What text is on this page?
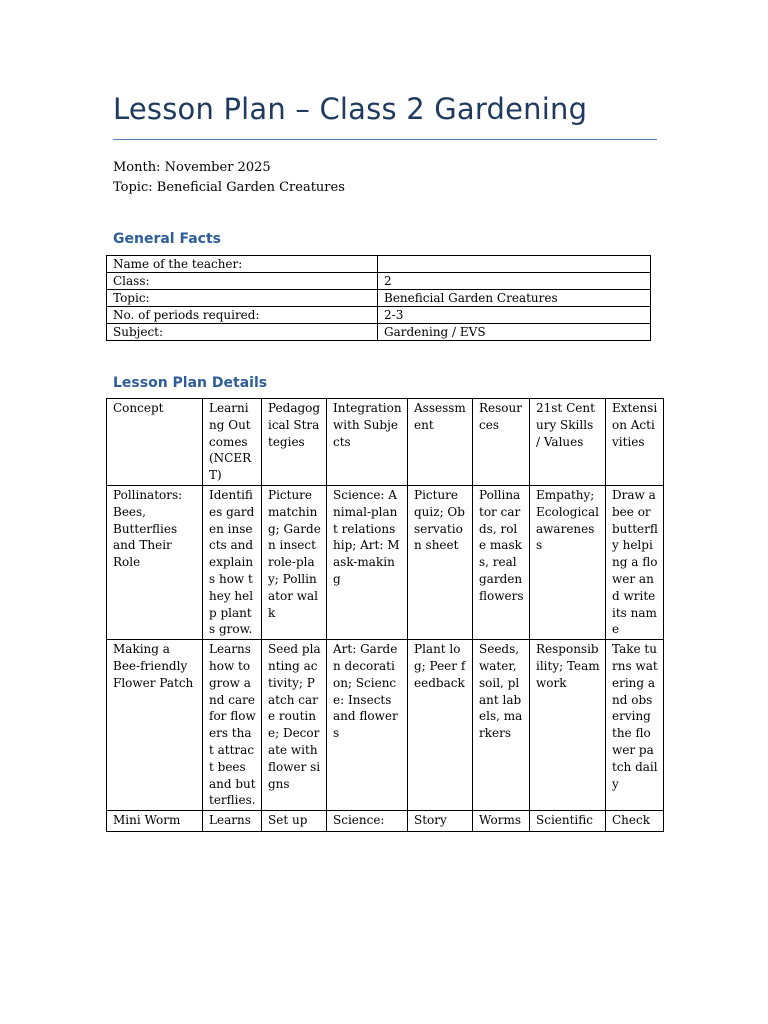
Lesson Plan – Class 2 Gardening
Month: November 2025
Topic: Beneficial Garden Creatures
General Facts
Name of the teacher:	
Class:	2
Topic:	Beneficial Garden Creatures
No. of periods required:	2-3
Subject:	Gardening / EVS
Lesson Plan Details
Concept	Learning Outcomes (NCERT)	Pedagogical Strategies	Integration with Subjects	Assessment	Resources	21st Century Skills / Values	Extension Activities
Pollinators: Bees, Butterflies and Their Role	Identifies garden insects and explains how they help plants grow.	Picture matching; Garden insect role-play; Pollinator walk	Science: Animal-plant relationship; Art: Mask-making	Picture quiz; Observation sheet	Pollinator cards, role masks, real garden flowers	Empathy; Ecological awareness	Draw a bee or butterfly helping a flower and write its name
Making a Bee-friendly Flower Patch	Learns how to grow and care for flowers that attract bees and butterflies.	Seed planting activity; Patch care routine; Decorate with flower signs	Art: Garden decoration; Science: Insects and flowers	Plant log; Peer feedback	Seeds, water, soil, plant labels, markers	Responsibility; Teamwork	Take turns watering and observing the flower patch daily
Mini Worm	Learns	Set up	Science:	Story	Worms	Scientific	Check
